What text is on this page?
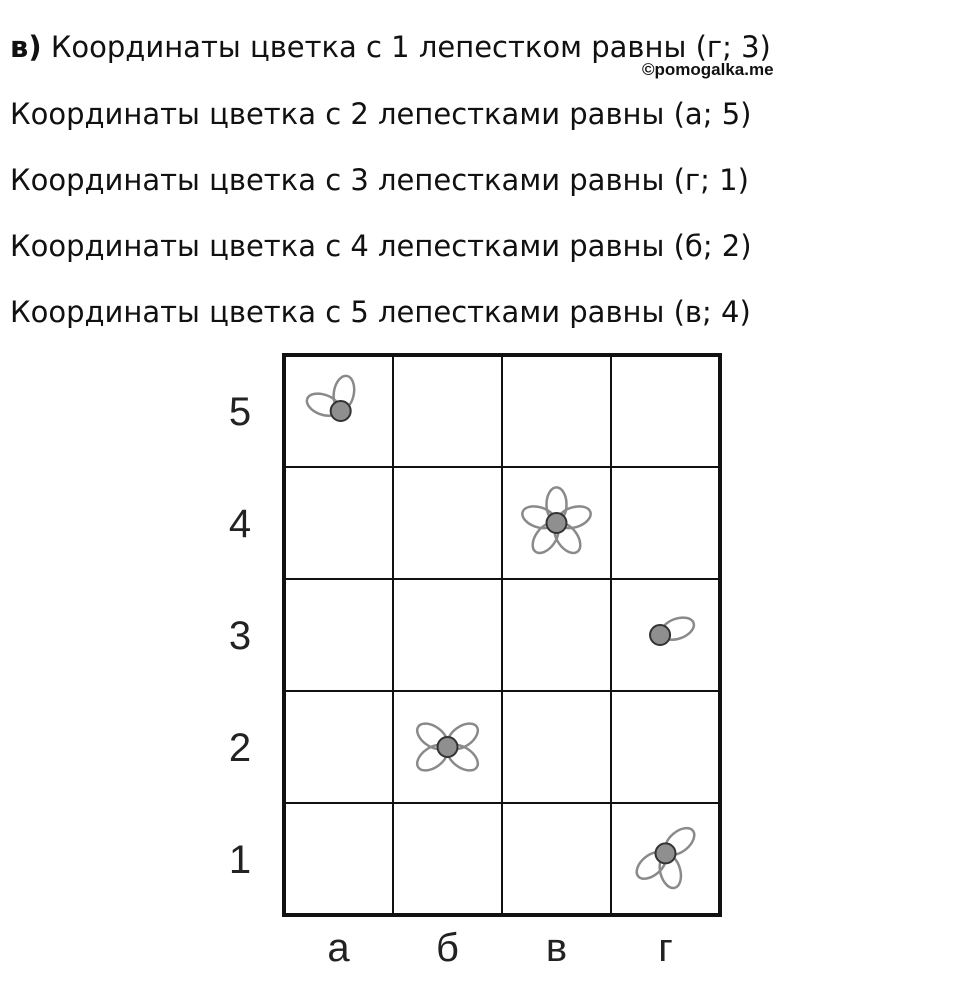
в) Координаты цветка с 1 лепестком равны (г; 3)
©pomogalka.me
Координаты цветка с 2 лепестками равны (а; 5)
Координаты цветка с 3 лепестками равны (г; 1)
Координаты цветка с 4 лепестками равны (б; 2)
Координаты цветка с 5 лепестками равны (в; 4)
5
4
3
2
1
а б в г
